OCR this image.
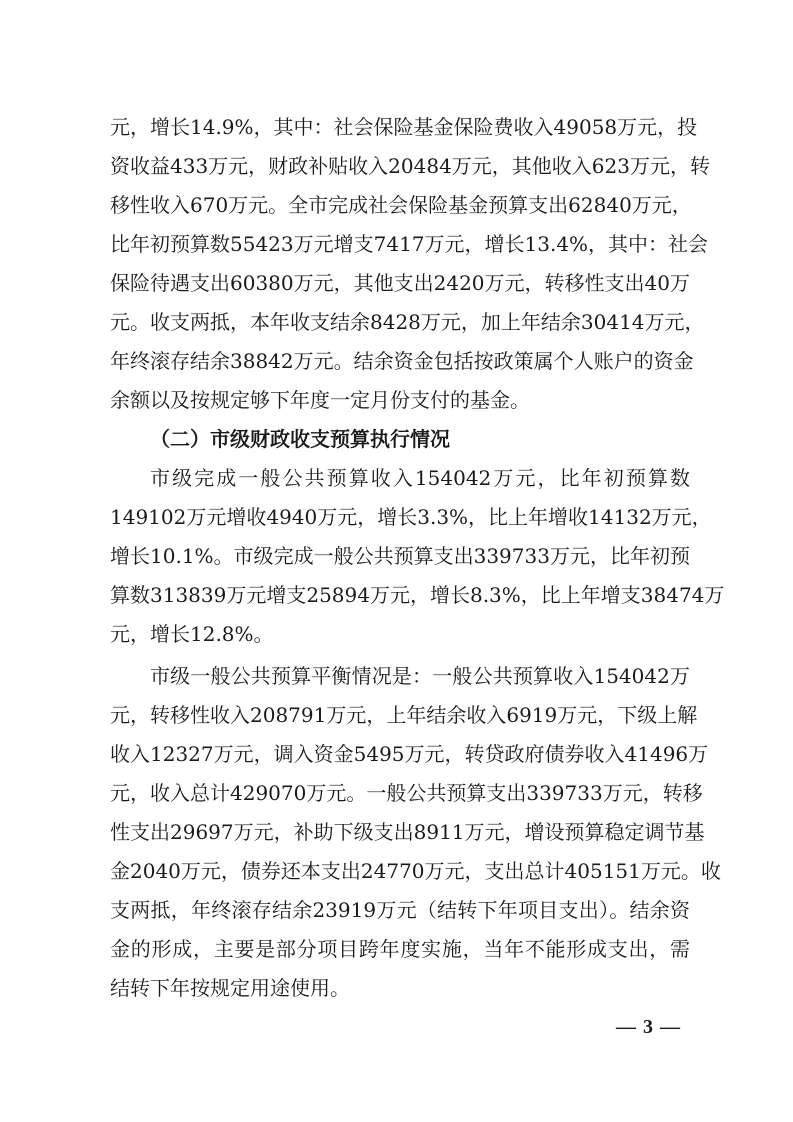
元，增长14.9%，其中：社会保险基金保险费收入49058万元，投
资收益433万元，财政补贴收入20484万元，其他收入623万元，转
移性收入670万元。全市完成社会保险基金预算支出62840万元，
比年初预算数55423万元增支7417万元，增长13.4%，其中：社会
保险待遇支出60380万元，其他支出2420万元，转移性支出40万
元。收支两抵，本年收支结余8428万元，加上年结余30414万元，
年终滚存结余38842万元。结余资金包括按政策属个人账户的资金
余额以及按规定够下年度一定月份支付的基金。
（二）市级财政收支预算执行情况
市级完成一般公共预算收入154042万元，比年初预算数
149102万元增收4940万元，增长3.3%，比上年增收14132万元，
增长10.1%。市级完成一般公共预算支出339733万元，比年初预
算数313839万元增支25894万元，增长8.3%，比上年增支38474万
元，增长12.8%。
市级一般公共预算平衡情况是：一般公共预算收入154042万
元，转移性收入208791万元，上年结余收入6919万元，下级上解
收入12327万元，调入资金5495万元，转贷政府债券收入41496万
元，收入总计429070万元。一般公共预算支出339733万元，转移
性支出29697万元，补助下级支出8911万元，增设预算稳定调节基
金2040万元，债券还本支出24770万元，支出总计405151万元。收
支两抵，年终滚存结余23919万元（结转下年项目支出）。结余资
金的形成，主要是部分项目跨年度实施，当年不能形成支出，需
结转下年按规定用途使用。
— 3 —
